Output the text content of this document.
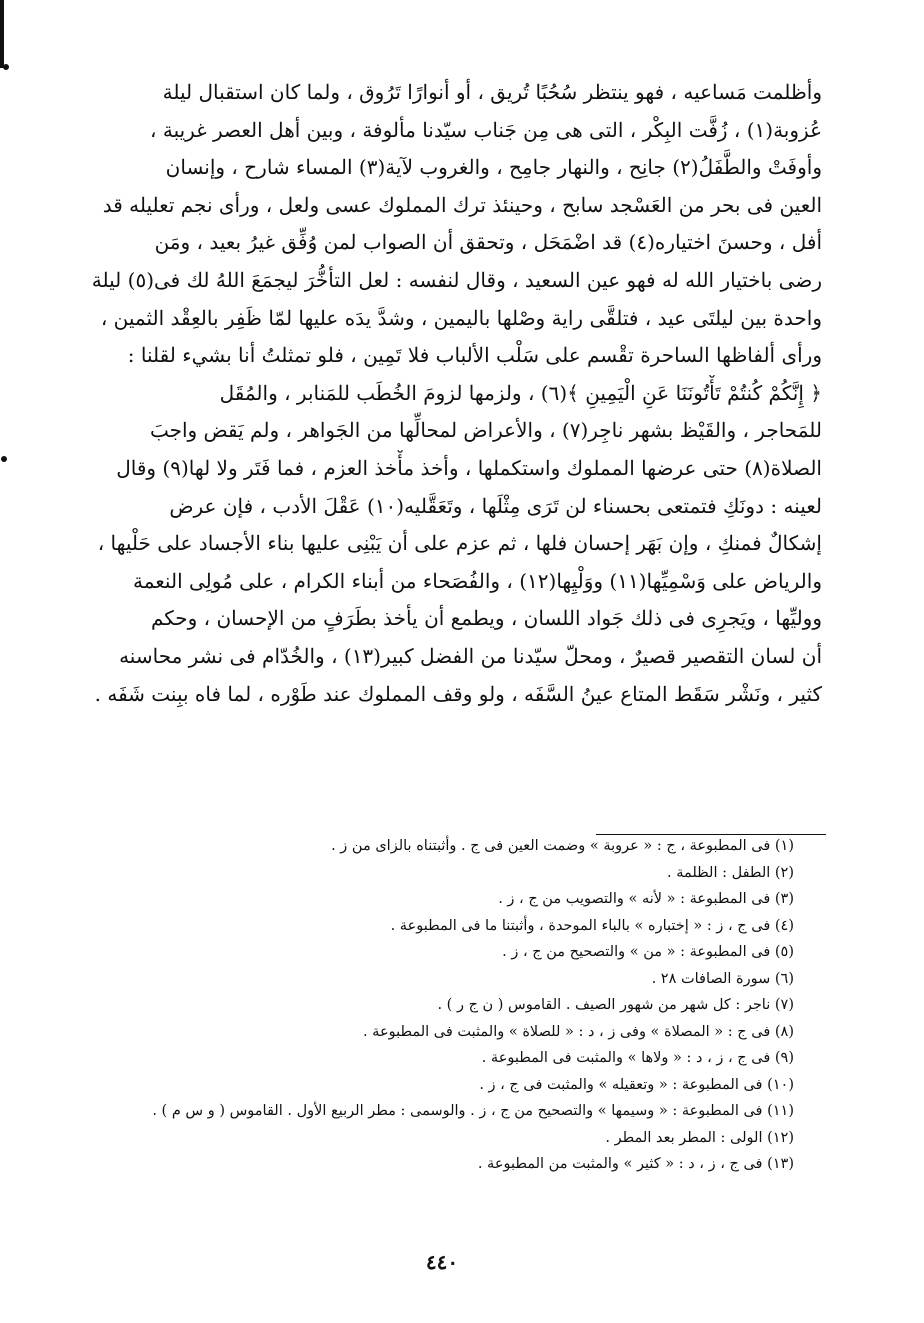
وأظلمت مَساعيه ، فهو ينتظر سُحُبًا تُريق ، أو أنوارًا تَرُوق ، ولما كان استقبال ليلة
عُزوبة(١) ، زُفَّت البِكْر ، التى هى مِن جَناب سيّدنا مألوفة ، وبين أهل العصر غريبة ،
وأوفَتْ والطَّفَلُ(٢) جانِح ، والنهار جامِح ، والغروب لآية(٣) المساء شارح ، وإنسان
العين فى بحر من العَسْجد سابح ، وحينئذ ترك المملوك عسى ولعل ، ورأى نجم تعليله قد
أفل ، وحسنَ اختياره(٤) قد اضْمَحَل ، وتحقق أن الصواب لمن وُفِّق غيرُ بعيد ، ومَن
رضى باختيار الله له فهو عين السعيد ، وقال لنفسه : لعل التأخُّرَ ليجمَعَ اللهُ لك فى(٥) ليلة
واحدة بين ليلتَى عيد ، فتلقَّى راية وصْلها باليمين ، وشدَّ يدَه عليها لمّا ظَفِر بالعِقْد الثمين ،
ورأى ألفاظها الساحرة تقْسم على سَلْب الألباب فلا تَمِين ، فلو تمثلتُ أنا بشيء لقلنا :
﴿ إِنَّكُمْ كُنتُمْ تَأْتُونَنَا عَنِ الْيَمِينِ ﴾(٦) ، ولزمها لزومَ الخُطَب للمَنابر ، والمُقَل
للمَحاجر ، والقَيْظ بشهر ناجِر(٧) ، والأعراض لمحالِّها من الجَواهر ، ولم يَقض واجبَ
الصلاة(٨) حتى عرضها المملوك واستكملها ، وأخذ مأْخذ العزم ، فما فَتَر ولا لها(٩) وقال
لعينه : دونَكِ فتمتعى بحسناء لن تَرَى مِثْلَها ، وتَعَقَّليه(١٠) عَقْلَ الأدب ، فإن عرض
إشكالٌ فمنكِ ، وإن بَهَر إحسان فلها ، ثم عزم على أن يَبْنِى عليها بناء الأجساد على حَلْيها ،
والرياض على وَسْمِيِّها(١١) ووَلْيِها(١٢) ، والفُصَحاء من أبناء الكرام ، على مُولِى النعمة
ووليِّها ، ويَجرِى فى ذلك جَواد اللسان ، ويطمع أن يأخذ بطَرَفٍ من الإحسان ، وحكم
أن لسان التقصير قصيرٌ ، ومحلّ سيّدنا من الفضل كبير(١٣) ، والخُدّام فى نشر محاسنه
كثير ، ونَشْر سَقَط المتاع عينُ السَّفَه ، ولو وقف المملوك عند طَوْره ، لما فاه ببِنت شَفَه .
(١) فى المطبوعة ، ج : « عروبة » وضمت العين فى ج . وأثبتناه بالزاى من ز .
(٢) الطفل : الظلمة .
(٣) فى المطبوعة : « لأنه » والتصويب من ج ، ز .
(٤) فى ج ، ز : « إختباره » بالباء الموحدة ، وأثبتنا ما فى المطبوعة .
(٥) فى المطبوعة : « من » والتصحيح من ج ، ز .
(٦) سورة الصافات ٢٨ .
(٧) ناجر : كل شهر من شهور الصيف . القاموس ( ن ج ر ) .
(٨) فى ج : « المصلاة » وفى ز ، د : « للصلاة » والمثبت فى المطبوعة .
(٩) فى ج ، ز ، د : « ولاها » والمثبت فى المطبوعة .
(١٠) فى المطبوعة : « وتعقيله » والمثبت فى ج ، ز .
(١١) فى المطبوعة : « وسيمها » والتصحيح من ج ، ز . والوسمى : مطر الربيع الأول . القاموس ( و س م ) .
(١٢) الولى : المطر بعد المطر .
(١٣) فى ج ، ز ، د : « كثير » والمثبت من المطبوعة .
٤٤٠
